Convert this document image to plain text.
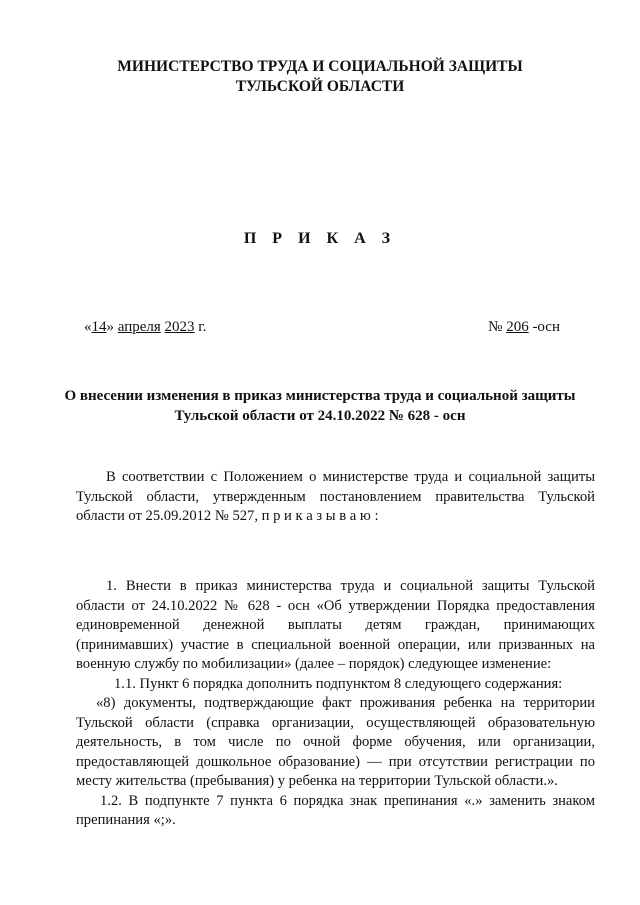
МИНИСТЕРСТВО ТРУДА И СОЦИАЛЬНОЙ ЗАЩИТЫ
ТУЛЬСКОЙ ОБЛАСТИ
П Р И К А З
«14» апреля 2023 г.	№ 206 -осн
О внесении изменения в приказ министерства труда и социальной защиты
Тульской области от 24.10.2022 № 628 - осн
В соответствии с Положением о министерстве труда и социальной защиты
Тульской области, утвержденным постановлением правительства Тульской
области от 25.09.2012 № 527, п р и к а з ы в а ю :
1. Внести в приказ министерства труда и социальной защиты Тульской
области от 24.10.2022 № 628 - осн «Об утверждении Порядка предоставления
единовременной денежной выплаты детям граждан, принимающих
(принимавших) участие в специальной военной операции, или призванных на
военную службу по мобилизации» (далее – порядок) следующее изменение:
1.1. Пункт 6 порядка дополнить подпунктом 8 следующего содержания:
«8) документы, подтверждающие факт проживания ребенка на территории
Тульской области (справка организации, осуществляющей образовательную
деятельность, в том числе по очной форме обучения, или организации,
предоставляющей дошкольное образование) — при отсутствии регистрации по
месту жительства (пребывания) у ребенка на территории Тульской области.».
1.2. В подпункте 7 пункта 6 порядка знак препинания «.» заменить знаком
препинания «;».
